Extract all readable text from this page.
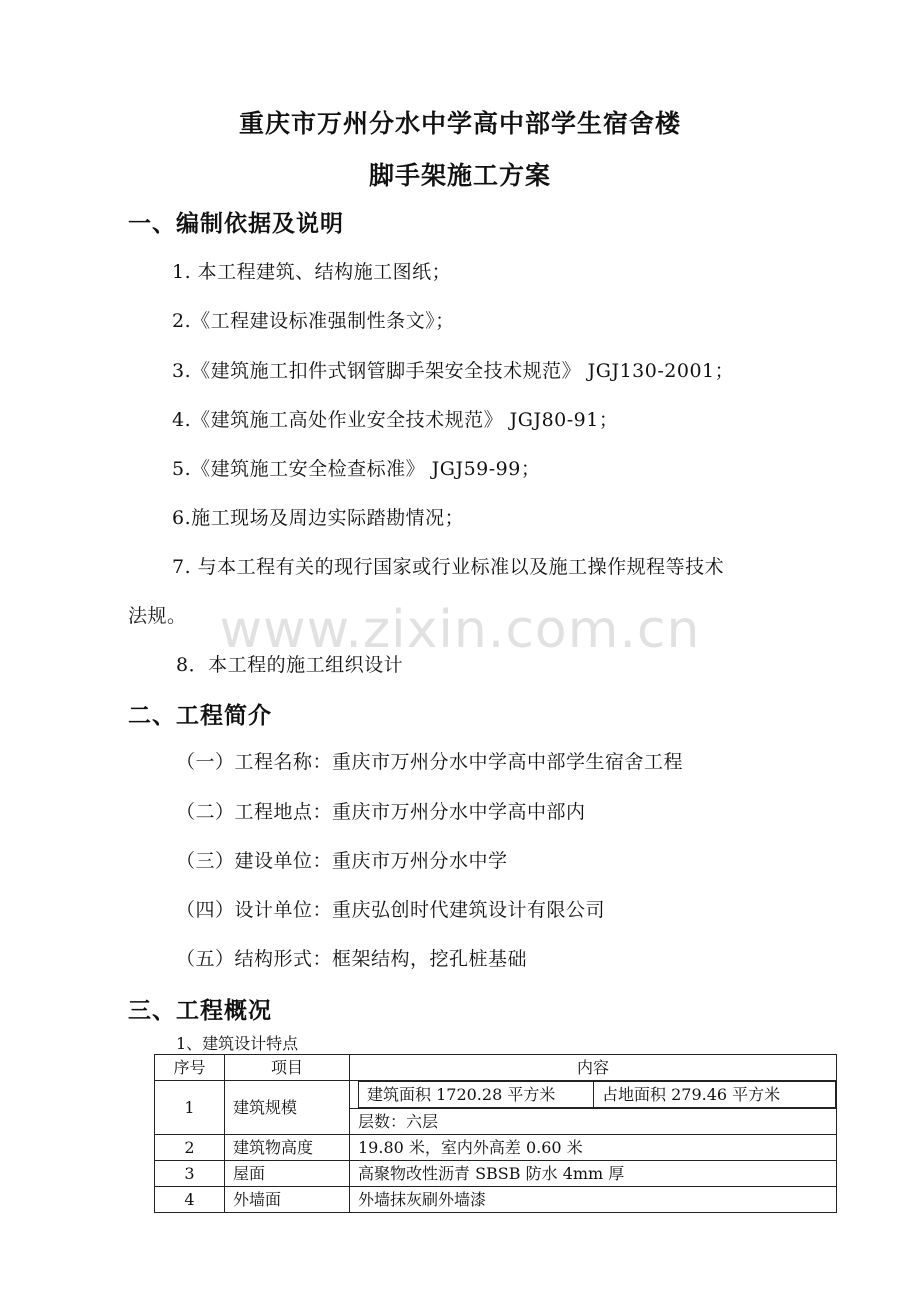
www.zixin.com.cn
重庆市万州分水中学高中部学生宿舍楼
脚手架施工方案
一、编制依据及说明
1. 本工程建筑、结构施工图纸；
2.《工程建设标准强制性条文》；
3.《建筑施工扣件式钢管脚手架安全技术规范》 JGJ130-2001；
4.《建筑施工高处作业安全技术规范》 JGJ80-91；
5.《建筑施工安全检查标准》 JGJ59-99；
6.施工现场及周边实际踏勘情况；
7. 与本工程有关的现行国家或行业标准以及施工操作规程等技术
法规。
8．本工程的施工组织设计
二、工程简介
（一）工程名称：重庆市万州分水中学高中部学生宿舍工程
（二）工程地点：重庆市万州分水中学高中部内
（三）建设单位：重庆市万州分水中学
（四）设计单位：重庆弘创时代建筑设计有限公司
（五）结构形式：框架结构，挖孔桩基础
三、工程概况
1、建筑设计特点
序号	项目	内容
1	建筑规模	
建筑面积 1720.28 平方米	占地面积 279.46 平方米

层数：六层
2	建筑物高度	19.80 米，室内外高差 0.60 米
3	屋面	高聚物改性沥青 SBSB 防水 4mm 厚
4	外墙面	外墙抹灰刷外墙漆
